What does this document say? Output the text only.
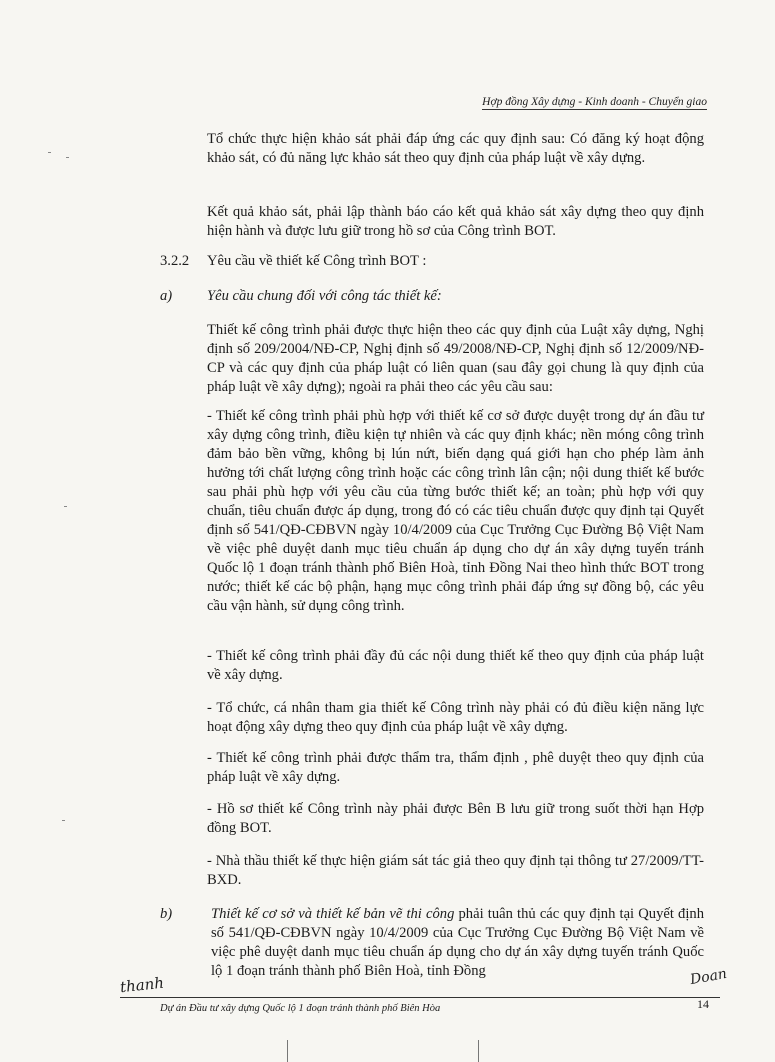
Hợp đồng Xây dựng - Kinh doanh - Chuyển giao
Tổ chức thực hiện khảo sát phải đáp ứng các quy định sau: Có đăng ký hoạt động khảo sát, có đủ năng lực khảo sát theo quy định của pháp luật về xây dựng.
Kết quả khảo sát, phải lập thành báo cáo kết quả khảo sát xây dựng theo quy định hiện hành và được lưu giữ trong hồ sơ của Công trình BOT.
3.2.2 Yêu cầu về thiết kế Công trình BOT :
a) Yêu cầu chung đối với công tác thiết kế:
Thiết kế công trình phải được thực hiện theo các quy định của Luật xây dựng, Nghị định số 209/2004/NĐ-CP, Nghị định số 49/2008/NĐ-CP, Nghị định số 12/2009/NĐ-CP và các quy định của pháp luật có liên quan (sau đây gọi chung là quy định của pháp luật về xây dựng); ngoài ra phải theo các yêu cầu sau:
- Thiết kế công trình phải phù hợp với thiết kế cơ sở được duyệt trong dự án đầu tư xây dựng công trình, điều kiện tự nhiên và các quy định khác; nền móng công trình đảm bảo bền vững, không bị lún nứt, biến dạng quá giới hạn cho phép làm ảnh hưởng tới chất lượng công trình hoặc các công trình lân cận; nội dung thiết kế bước sau phải phù hợp với yêu cầu của từng bước thiết kế; an toàn; phù hợp với quy chuẩn, tiêu chuẩn được áp dụng, trong đó có các tiêu chuẩn được quy định tại Quyết định số 541/QĐ-CĐBVN ngày 10/4/2009 của Cục Trưởng Cục Đường Bộ Việt Nam về việc phê duyệt danh mục tiêu chuẩn áp dụng cho dự án xây dựng tuyến tránh Quốc lộ 1 đoạn tránh thành phố Biên Hoà, tỉnh Đồng Nai theo hình thức BOT trong nước; thiết kế các bộ phận, hạng mục công trình phải đáp ứng sự đồng bộ, các yêu cầu vận hành, sử dụng công trình.
- Thiết kế công trình phải đầy đủ các nội dung thiết kế theo quy định của pháp luật về xây dựng.
- Tổ chức, cá nhân tham gia thiết kế Công trình này phải có đủ điều kiện năng lực hoạt động xây dựng theo quy định của pháp luật về xây dựng.
- Thiết kế công trình phải được thẩm tra, thẩm định , phê duyệt theo quy định của pháp luật về xây dựng.
- Hồ sơ thiết kế Công trình này phải được Bên B lưu giữ trong suốt thời hạn Hợp đồng BOT.
- Nhà thầu thiết kế thực hiện giám sát tác giả theo quy định tại thông tư 27/2009/TT-BXD.
b)	Thiết kế cơ sở và thiết kế bản vẽ thi công phải tuân thủ các quy định tại Quyết định số 541/QĐ-CĐBVN ngày 10/4/2009 của Cục Trưởng Cục Đường Bộ Việt Nam về việc phê duyệt danh mục tiêu chuẩn áp dụng cho dự án xây dựng tuyến tránh Quốc lộ 1 đoạn tránh thành phố Biên Hoà, tỉnh Đồng
Dự án Đầu tư xây dựng Quốc lộ 1 đoạn tránh thành phố Biên Hòa	14
thanh	Doan
